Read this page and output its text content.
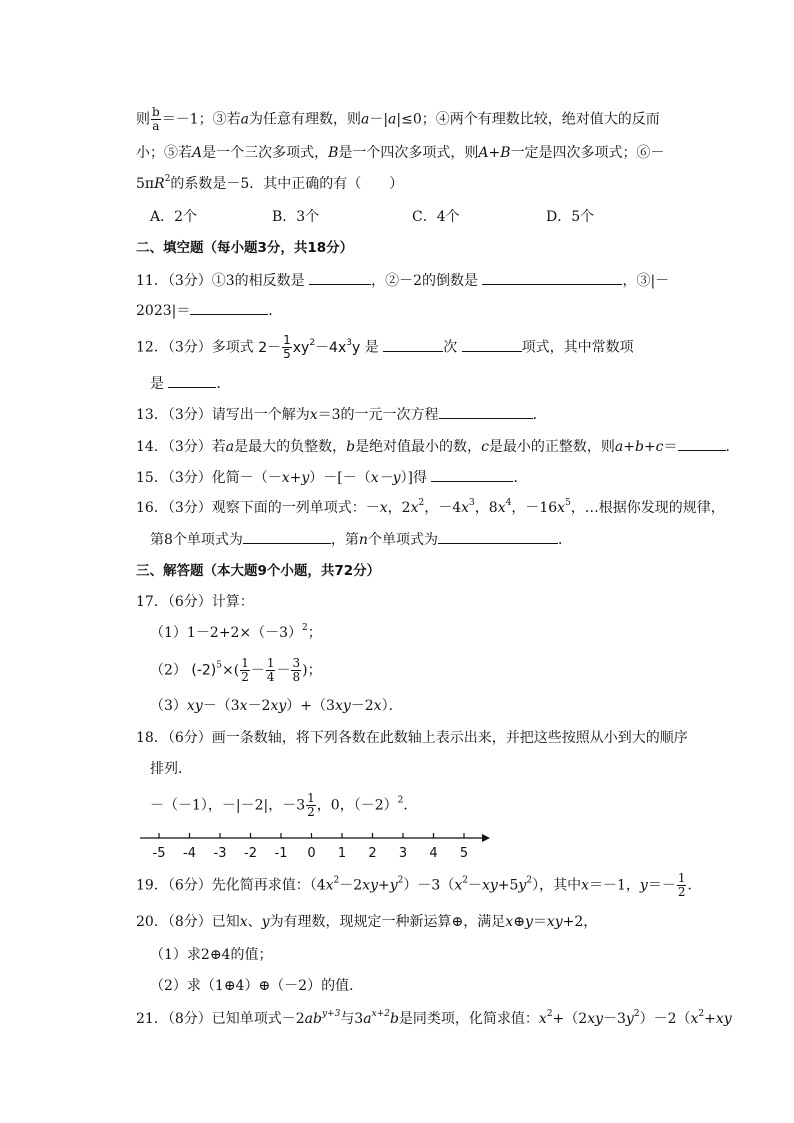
则 $\frac{b}{a} =-1$；③若a为任意有理数，则a－|a|≤0；④两个有理数比较，绝对值大的反而
小；⑤若A是一个三次多项式，B是一个四次多项式，则A+B一定是四次多项式；⑥－
$5\pi R^2$的系数是－5．其中正确的有（　　）
A．2个	B．3个	C．4个	D．5个
二、填空题（每小题3分，共18分）
11．（3分）①3的相反数是	，②－2的倒数是	，③|－
2023|＝	．
12．（3分）多项式 $2- \frac{1}{5} xy^2-4x^3y$ 是	次	项式，其中常数项
是	．
13．（3分）请写出一个解为x＝3的一元一次方程	．
14．（3分）若a是最大的负整数，b是绝对值最小的数，c是最小的正整数，则a+b+c＝	．
15．（3分）化简－（－x+y）－[－（x－y）]得	．
16．（3分）观察下面的一列单项式：－x，$2x^2$，$-4x^3$，$8x^4$，$-16x^5$，…根据你发现的规律，
第8个单项式为	，第n个单项式为	．
三、解答题（本大题9个小题，共72分）
17．（6分）计算：
$(1)1-2+2\times(-3)^2$；
（2） $(-2)^5\times( \frac{1}{2} - \frac{1}{4} - \frac{3}{8}$ )；
（3）xy－（3x－2xy）+（3xy－2x）．
18．（6分）画一条数轴，将下列各数在此数轴上表示出来，并把这些按照从小到大的顺序
排列．
－（－1），－|－2|，$-3 \frac{1}{2}$ ，0，$(-2)^2$．
-5 -4 -3 -2 -1 0 1 2 3 4 5
19．（6分）先化简再求值：$(4x^2-2xy+y^2)-3(x^2-xy+5y^2)$，其中x＝－1，$y=- \frac{1}{2}$ ．
20．（8分）已知x、y为有理数，现规定一种新运算⊕，满足x⊕y＝xy+2，
（1）求2⊕4的值；
（2）求（1⊕4）⊕（－2）的值．
21．（8分）已知单项式$-2ab^{y+3}$与$3a^{x+2}b$是同类项，化简求值：$x^2+(2xy-3y^2)-2(x^2+xy$
